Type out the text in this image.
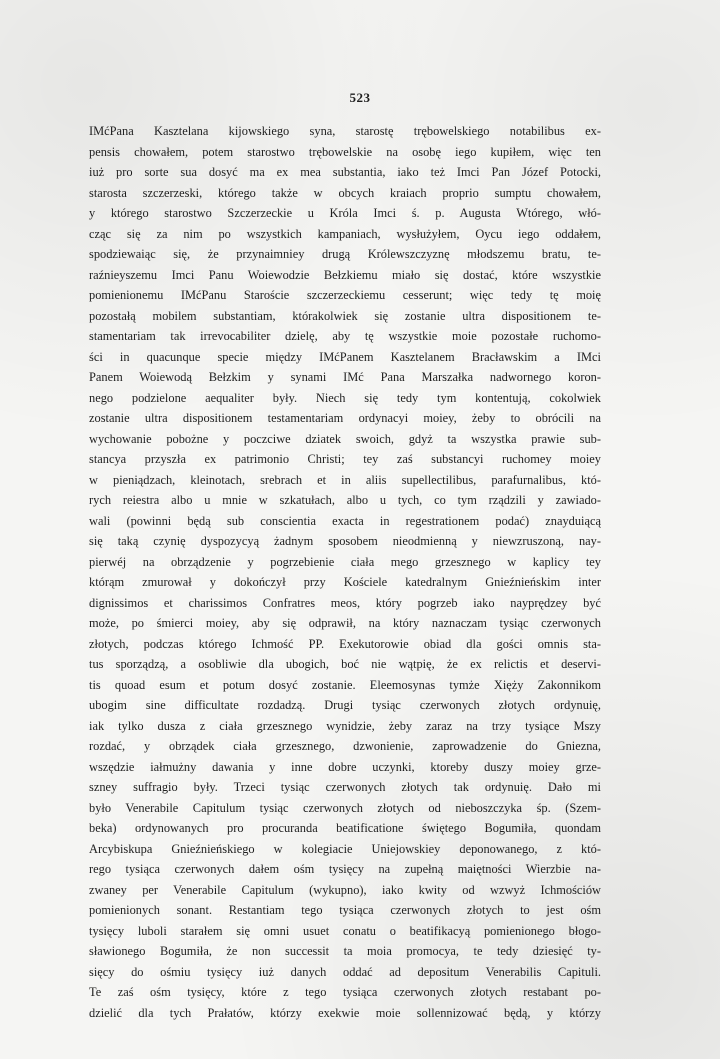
523
IMćPana Kasztelana kijowskiego syna, starostę trębowelskiego notabilibus ex-
pensis chowałem, potem starostwo trębowelskie na osobę iego kupiłem, więc ten
iuż pro sorte sua dosyć ma ex mea substantia, iako też Imci Pan Józef Potocki,
starosta szczerzeski, którego także w obcych kraiach proprio sumptu chowałem,
y którego starostwo Szczerzeckie u Króla Imci ś. p. Augusta Wtórego, włó-
cząc się za nim po wszystkich kampaniach, wysłużyłem, Oycu iego oddałem,
spodziewaiąc się, że przynaimniey drugą Królewszczyznę młodszemu bratu, te-
raźnieyszemu Imci Panu Woiewodzie Bełzkiemu miało się dostać, które wszystkie
pomienionemu IMćPanu Staroście szczerzeckiemu cesserunt; więc tedy tę moię
pozostałą mobilem substantiam, którakolwiek się zostanie ultra dispositionem te-
stamentariam tak irrevocabiliter dzielę, aby tę wszystkie moie pozostałe ruchomo-
ści in quacunque specie między IMćPanem Kasztelanem Bracławskim a IMci
Panem Woiewodą Bełzkim y synami IMć Pana Marszałka nadwornego koron-
nego podzielone aequaliter były. Niech się tedy tym kontentują, cokolwiek
zostanie ultra dispositionem testamentariam ordynacyi moiey, żeby to obrócili na
wychowanie pobożne y poczciwe dziatek swoich, gdyż ta wszystka prawie sub-
stancya przyszła ex patrimonio Christi; tey zaś substancyi ruchomey moiey
w pieniądzach, kleinotach, srebrach et in aliis supellectilibus, parafurnalibus, któ-
rych reiestra albo u mnie w szkatułach, albo u tych, co tym rządzili y zawiado-
wali (powinni będą sub conscientia exacta in regestrationem podać) znayduiącą
się taką czynię dyspozycyą żadnym sposobem nieodmienną y niewzruszoną, nay-
pierwéj na obrządzenie y pogrzebienie ciała mego grzesznego w kaplicy tey
którąm zmurował y dokończył przy Kościele katedralnym Gnieźnieńskim inter
dignissimos et charissimos Confratres meos, który pogrzeb iako nayprędzey być
może, po śmierci moiey, aby się odprawił, na który naznaczam tysiąc czerwonych
złotych, podczas którego Ichmość PP. Exekutorowie obiad dla gości omnis sta-
tus sporządzą, a osobliwie dla ubogich, boć nie wątpię, że ex relictis et deservi-
tis quoad esum et potum dosyć zostanie. Eleemosynas tymże Xięży Zakonnikom
ubogim sine difficultate rozdadzą. Drugi tysiąc czerwonych złotych ordynuię,
iak tylko dusza z ciała grzesznego wynidzie, żeby zaraz na trzy tysiące Mszy
rozdać, y obrządek ciała grzesznego, dzwonienie, zaprowadzenie do Gniezna,
wszędzie iałmużny dawania y inne dobre uczynki, ktoreby duszy moiey grze-
szney suffragio były. Trzeci tysiąc czerwonych złotych tak ordynuię. Dało mi
było Venerabile Capitulum tysiąc czerwonych złotych od nieboszczyka śp. (Szem-
beka) ordynowanych pro procuranda beatificatione świętego Bogumiła, quondam
Arcybiskupa Gnieźnieńskiego w kolegiacie Uniejowskiey deponowanego, z któ-
rego tysiąca czerwonych dałem ośm tysięcy na zupełną maiętności Wierzbie na-
zwaney per Venerabile Capitulum (wykupno), iako kwity od wzwyż Ichmościów
pomienionych sonant. Restantiam tego tysiąca czerwonych złotych to jest ośm
tysięcy luboli starałem się omni usuet conatu o beatifikacyą pomienionego błogo-
sławionego Bogumiła, że non successit ta moia promocya, te tedy dziesięć ty-
sięcy do ośmiu tysięcy iuż danych oddać ad depositum Venerabilis Capituli.
Te zaś ośm tysięcy, które z tego tysiąca czerwonych złotych restabant po-
dzielić dla tych Prałatów, którzy exekwie moie sollennizować będą, y którzy
